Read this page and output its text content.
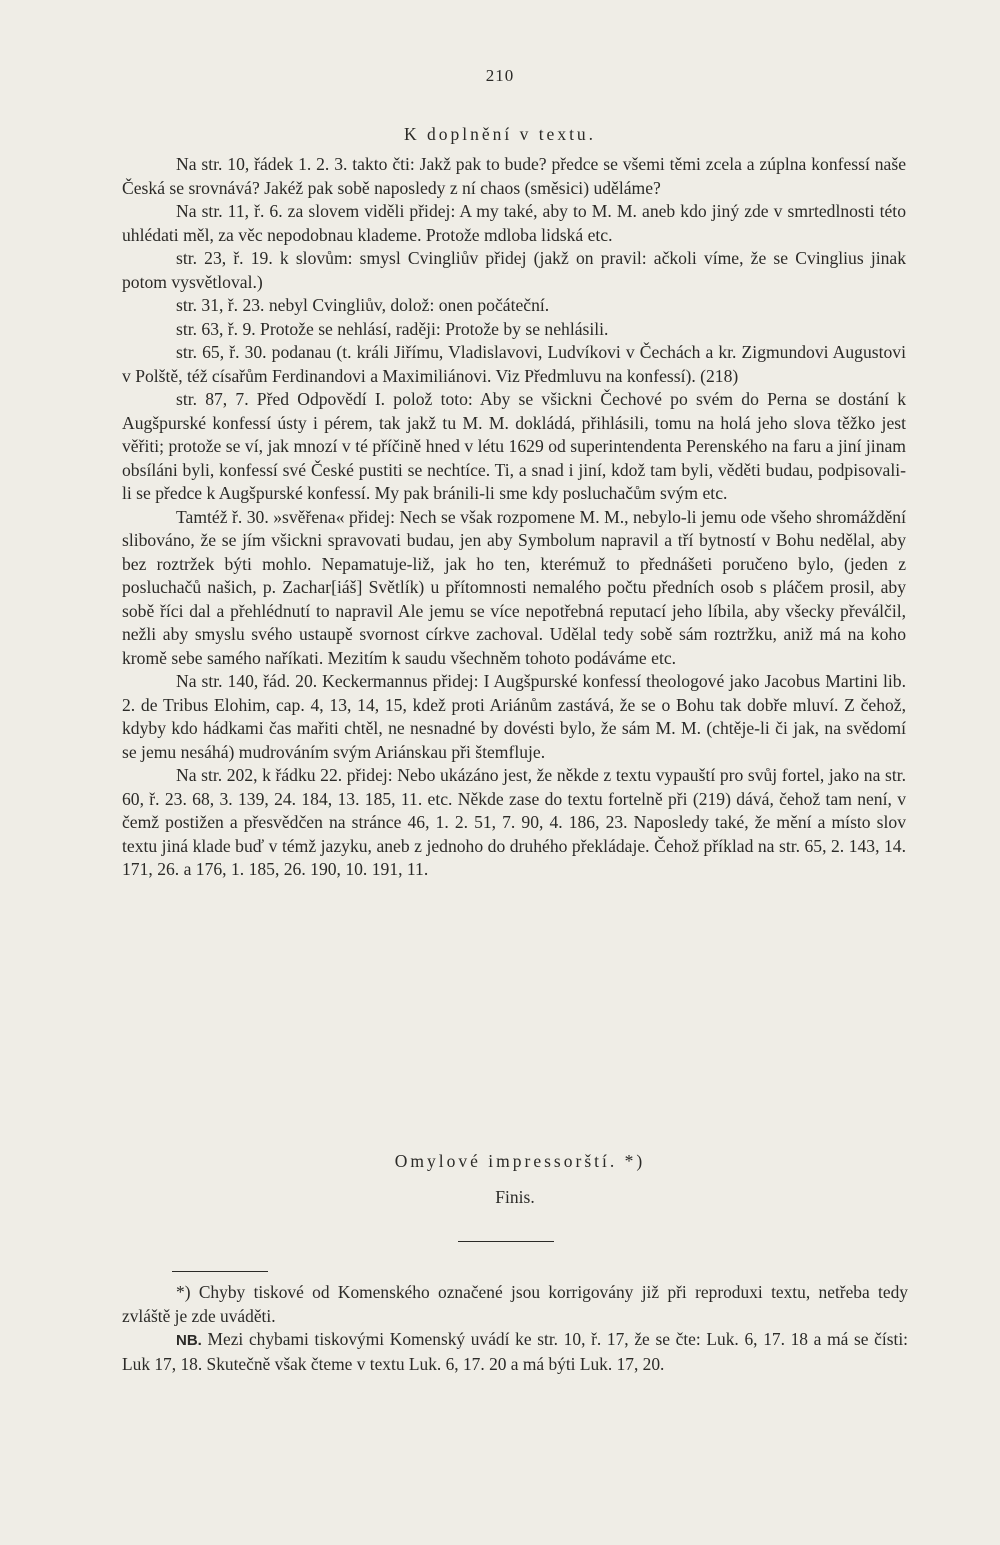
210
K doplnění v textu.

Na str. 10, řádek 1. 2. 3. takto čti: Jakž pak to bude? předce se všemi těmi zcela a zúplna konfessí naše Česká se srovnává? Jakéž pak sobě naposledy z ní chaos (směsici) uděláme?

Na str. 11, ř. 6. za slovem viděli přidej: A my také, aby to M. M. aneb kdo jiný zde v smrtedlnosti této uhlédati měl, za věc nepodobnau klademe. Protože mdloba lidská etc.

str. 23, ř. 19. k slovům: smysl Cvingliův přidej (jakž on pravil: ačkoli víme, že se Cvinglius jinak potom vysvětloval.)

str. 31, ř. 23. nebyl Cvingliův, dolož: onen počáteční.

str. 63, ř. 9. Protože se nehlásí, raději: Protože by se nehlásili.

str. 65, ř. 30. podanau (t. králi Jiřímu, Vladislavovi, Ludvíkovi v Čechách a kr. Zigmundovi Augustovi v Polště, též císařům Ferdinandovi a Maximiliánovi. Viz Předmluvu na konfessí). (218)

str. 87, 7. Před Odpovědí I. polož toto: Aby se všickni Čechové po svém do Perna se dostání k Augšpurské konfessí ústy i pérem, tak jakž tu M. M. dokládá, přihlásili, tomu na holá jeho slova těžko jest věřiti; protože se ví, jak mnozí v té příčině hned v létu 1629 od superintendenta Perenského na faru a jiní jinam obsíláni byli, konfessí své České pustiti se nechtíce. Ti, a snad i jiní, kdož tam byli, věděti budau, podpisovali-li se předce k Augšpurské konfessí. My pak bránili-li sme kdy posluchačům svým etc.

Tamtéž ř. 30. »svěřena« přidej: Nech se však rozpomene M. M., nebylo-li jemu ode všeho shromáždění slibováno, že se jím všickni spravovati budau, jen aby Symbolum napravil a tří bytností v Bohu nedělal, aby bez roztržek býti mohlo. Nepamatuje-liž, jak ho ten, kterémuž to přednášeti poručeno bylo, (jeden z posluchačů našich, p. Zachar[iáš] Světlík) u přítomnosti nemalého počtu předních osob s pláčem prosil, aby sobě říci dal a přehlédnutí to napravil Ale jemu se více nepotřebná reputací jeho líbila, aby všecky převálčil, nežli aby smyslu svého ustaupě svornost církve zachoval. Udělal tedy sobě sám roztržku, aniž má na koho kromě sebe samého naříkati. Mezitím k saudu všechněm tohoto podáváme etc.

Na str. 140, řád. 20. Keckermannus přidej: I Augšpurské konfessí theologové jako Jacobus Martini lib. 2. de Tribus Elohim, cap. 4, 13, 14, 15, kdež proti Ariánům zastává, že se o Bohu tak dobře mluví. Z čehož, kdyby kdo hádkami čas mařiti chtěl, ne nesnadné by dovésti bylo, že sám M. M. (chtěje-li či jak, na svědomí se jemu nesáhá) mudrováním svým Ariánskau při štemfluje.

Na str. 202, k řádku 22. přidej: Nebo ukázáno jest, že někde z textu vypauští pro svůj fortel, jako na str. 60, ř. 23. 68, 3. 139, 24. 184, 13. 185, 11. etc. Někde zase do textu fortelně při (219) dává, čehož tam není, v čemž postižen a přesvědčen na stránce 46, 1. 2. 51, 7. 90, 4. 186, 23. Naposledy také, že mění a místo slov textu jiná klade buď v témž jazyku, aneb z jednoho do druhého překládaje. Čehož příklad na str. 65, 2. 143, 14. 171, 26. a 176, 1. 185, 26. 190, 10. 191, 11.

Omylové impressorští. *)
Finis.

*) Chyby tiskové od Komenského označené jsou korrigovány již při reproduxi textu, netřeba tedy zvláště je zde uváděti.

NB. Mezi chybami tiskovými Komenský uvádí ke str. 10, ř. 17, že se čte: Luk. 6, 17. 18 a má se čísti: Luk 17, 18. Skutečně však čteme v textu Luk. 6, 17. 20 a má býti Luk. 17, 20.
